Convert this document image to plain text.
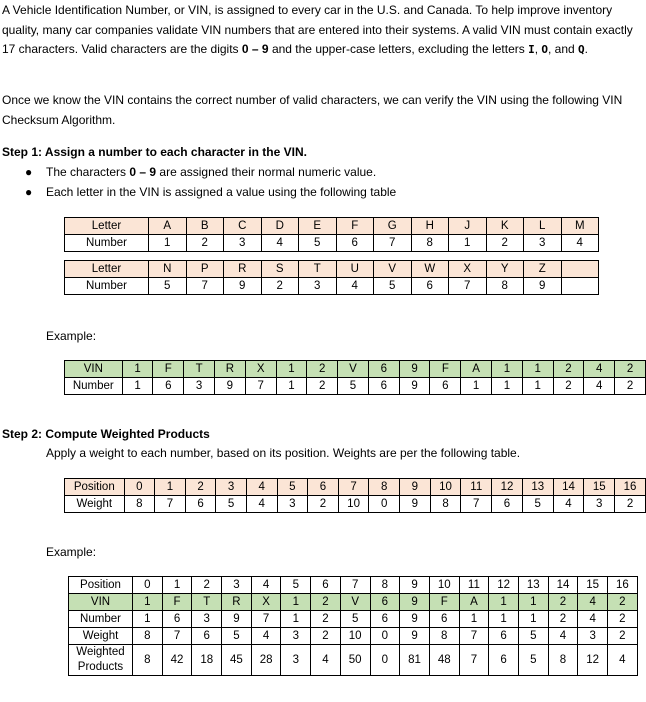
A Vehicle Identification Number, or VIN, is assigned to every car in the U.S. and Canada. To help improve inventory quality, many car companies validate VIN numbers that are entered into their systems. A valid VIN must contain exactly 17 characters. Valid characters are the digits 0 – 9 and the upper-case letters, excluding the letters I, O, and Q.

Once we know the VIN contains the correct number of valid characters, we can verify the VIN using the following VIN Checksum Algorithm.

Step 1: Assign a number to each character in the VIN.

● The characters 0 – 9 are assigned their normal numeric value.

● Each letter in the VIN is assigned a value using the following table

Letter	A	B	C	D	E	F	G	H	J	K	L	M
Number	1	2	3	4	5	6	7	8	1	2	3	4
Letter	N	P	R	S	T	U	V	W	X	Y	Z	
Number	5	7	9	2	3	4	5	6	7	8	9	

Example:

VIN	1	F	T	R	X	1	2	V	6	9	F	A	1	1	2	4	2
Number	1	6	3	9	7	1	2	5	6	9	6	1	1	1	2	4	2

Step 2: Compute Weighted Products

Apply a weight to each number, based on its position. Weights are per the following table.

Position	0	1	2	3	4	5	6	7	8	9	10	11	12	13	14	15	16
Weight	8	7	6	5	4	3	2	10	0	9	8	7	6	5	4	3	2

Example:

Position	0	1	2	3	4	5	6	7	8	9	10	11	12	13	14	15	16
VIN	1	F	T	R	X	1	2	V	6	9	F	A	1	1	2	4	2
Number	1	6	3	9	7	1	2	5	6	9	6	1	1	1	2	4	2
Weight	8	7	6	5	4	3	2	10	0	9	8	7	6	5	4	3	2
Weighted
Products	8	42	18	45	28	3	4	50	0	81	48	7	6	5	8	12	4
